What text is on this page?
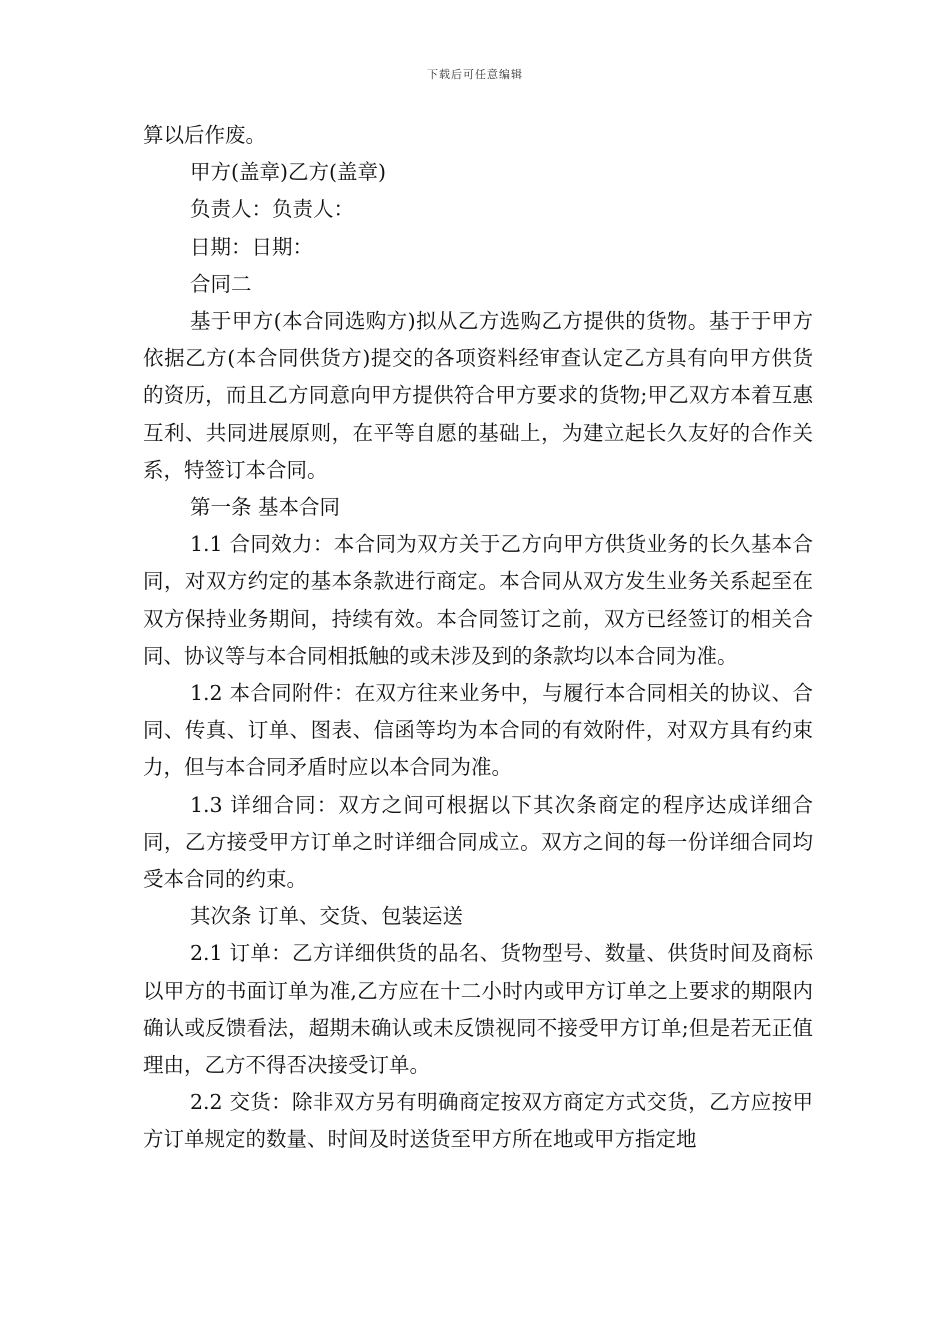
下载后可任意编辑

算以后作废。

甲方(盖章)乙方(盖章)

负责人：负责人：

日期：日期：

合同二

基于甲方(本合同选购方)拟从乙方选购乙方提供的货物。基于于甲方依据乙方(本合同供货方)提交的各项资料经审查认定乙方具有向甲方供货的资历，而且乙方同意向甲方提供符合甲方要求的货物;甲乙双方本着互惠互利、共同进展原则，在平等自愿的基础上，为建立起长久友好的合作关系，特签订本合同。

第一条 基本合同

1.1 合同效力：本合同为双方关于乙方向甲方供货业务的长久基本合同，对双方约定的基本条款进行商定。本合同从双方发生业务关系起至在双方保持业务期间，持续有效。本合同签订之前，双方已经签订的相关合同、协议等与本合同相抵触的或未涉及到的条款均以本合同为准。

1.2 本合同附件：在双方往来业务中，与履行本合同相关的协议、合同、传真、订单、图表、信函等均为本合同的有效附件，对双方具有约束力，但与本合同矛盾时应以本合同为准。

1.3 详细合同：双方之间可根据以下其次条商定的程序达成详细合同，乙方接受甲方订单之时详细合同成立。双方之间的每一份详细合同均受本合同的约束。

其次条 订单、交货、包装运送

2.1 订单：乙方详细供货的品名、货物型号、数量、供货时间及商标以甲方的书面订单为准,乙方应在十二小时内或甲方订单之上要求的期限内确认或反馈看法，超期未确认或未反馈视同不接受甲方订单;但是若无正值理由，乙方不得否决接受订单。

2.2 交货：除非双方另有明确商定按双方商定方式交货，乙方应按甲方订单规定的数量、时间及时送货至甲方所在地或甲方指定地
